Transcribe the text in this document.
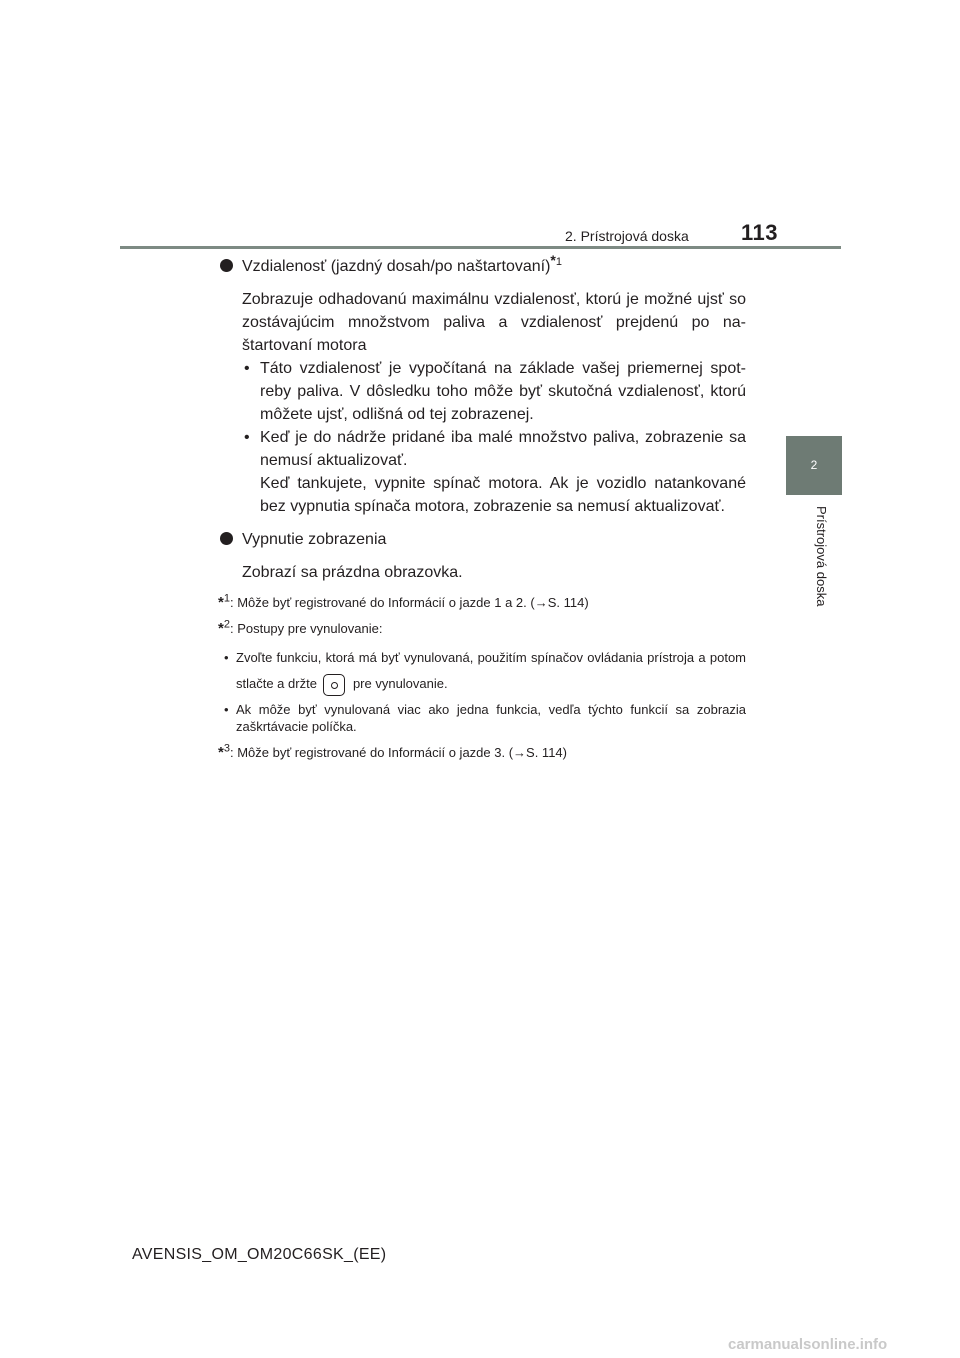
2. Prístrojová doska 113
2
Prístrojová doska
Vzdialenosť (jazdný dosah/po naštartovaní)$^{*1}$

Zobrazuje odhadovanú maximálnu vzdialenosť, ktorú je možné ujsť so zostávajúcim množstvom paliva a vzdialenosť prejdenú po naštartovaní motora

• Táto vzdialenosť je vypočítaná na základe vašej priemernej spotreby paliva. V dôsledku toho môže byť skutočná vzdialenosť, ktorú môžete ujsť, odlišná od tej zobrazenej.
• Keď je do nádrže pridané iba malé množstvo paliva, zobrazenie sa nemusí aktualizovať.
Keď tankujete, vypnite spínač motora. Ak je vozidlo natankované bez vypnutia spínača motora, zobrazenie sa nemusí aktualizovať.
Vypnutie zobrazenia

Zobrazí sa prázdna obrazovka.

*$^1$: Môže byť registrované do Informácií o jazde 1 a 2. (→S. 114)
*$^2$: Postupy pre vynulovanie:
• Zvoľte funkciu, ktorá má byť vynulovaná, použitím spínačov ovládania prístroja a potom stlačte a držte	pre vynulovanie.
• Ak môže byť vynulovaná viac ako jedna funkcia, vedľa týchto funkcií sa zobrazia zaškrtávacie políčka.
*$^3$: Môže byť registrované do Informácií o jazde 3. (→S. 114)
AVENSIS_OM_OM20C66SK_(EE)
carmanualsonline.info
